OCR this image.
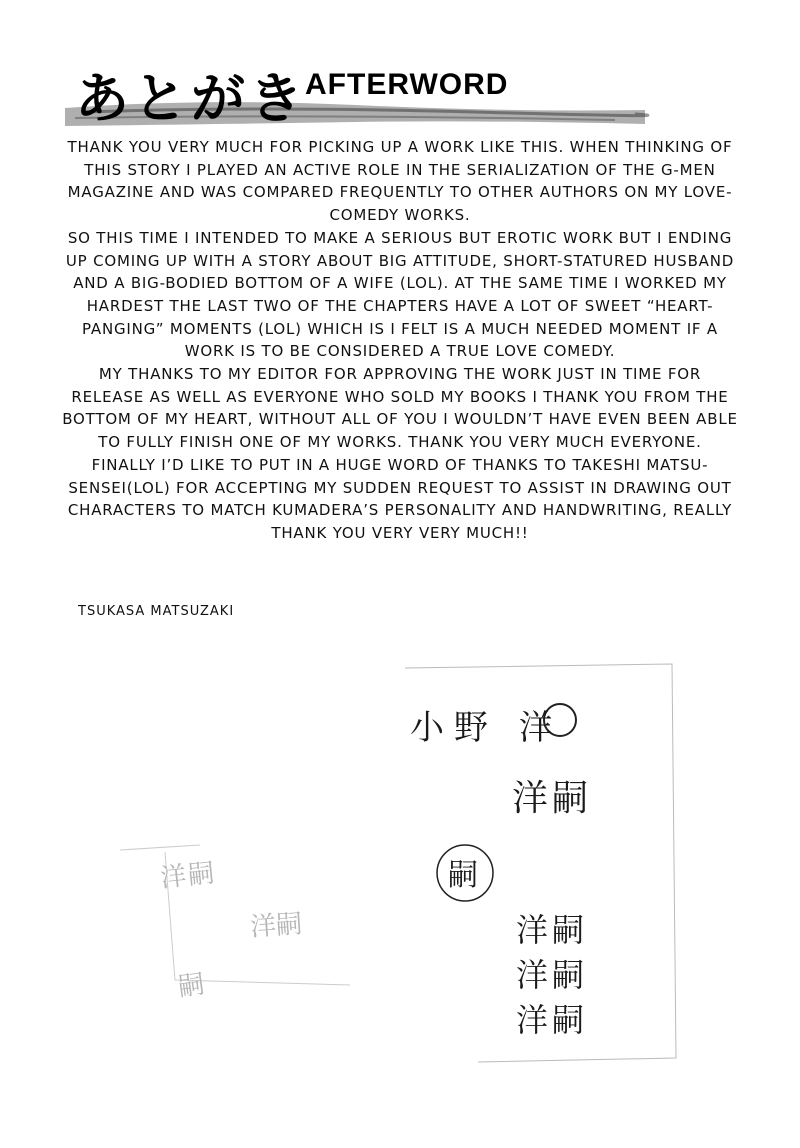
あとがき
AFTERWORD

THANK YOU VERY MUCH FOR PICKING UP A WORK LIKE THIS. WHEN THINKING OF THIS STORY I PLAYED AN ACTIVE ROLE IN THE SERIALIZATION OF THE G-MEN MAGAZINE AND WAS COMPARED FREQUENTLY TO OTHER AUTHORS ON MY LOVE-COMEDY WORKS.

SO THIS TIME I INTENDED TO MAKE A SERIOUS BUT EROTIC WORK BUT I ENDING UP COMING UP WITH A STORY ABOUT BIG ATTITUDE, SHORT-STATURED HUSBAND AND A BIG-BODIED BOTTOM OF A WIFE (LOL). AT THE SAME TIME I WORKED MY HARDEST THE LAST TWO OF THE CHAPTERS HAVE A LOT OF SWEET “HEART-PANGING” MOMENTS (LOL) WHICH IS I FELT IS A MUCH NEEDED MOMENT IF A WORK IS TO BE CONSIDERED A TRUE LOVE COMEDY.

MY THANKS TO MY EDITOR FOR APPROVING THE WORK JUST IN TIME FOR RELEASE AS WELL AS EVERYONE WHO SOLD MY BOOKS I THANK YOU FROM THE BOTTOM OF MY HEART, WITHOUT ALL OF YOU I WOULDN’T HAVE EVEN BEEN ABLE TO FULLY FINISH ONE OF MY WORKS. THANK YOU VERY MUCH EVERYONE.

FINALLY I’D LIKE TO PUT IN A HUGE WORD OF THANKS TO TAKESHI MATSU-SENSEI(LOL) FOR ACCEPTING MY SUDDEN REQUEST TO ASSIST IN DRAWING OUT CHARACTERS TO MATCH KUMADERA’S PERSONALITY AND HANDWRITING, REALLY THANK YOU VERY VERY MUCH!!

TSUKASA MATSUZAKI
小野 洋
洋嗣
嗣
洋嗣
洋嗣
洋嗣
洋嗣
洋嗣
嗣
